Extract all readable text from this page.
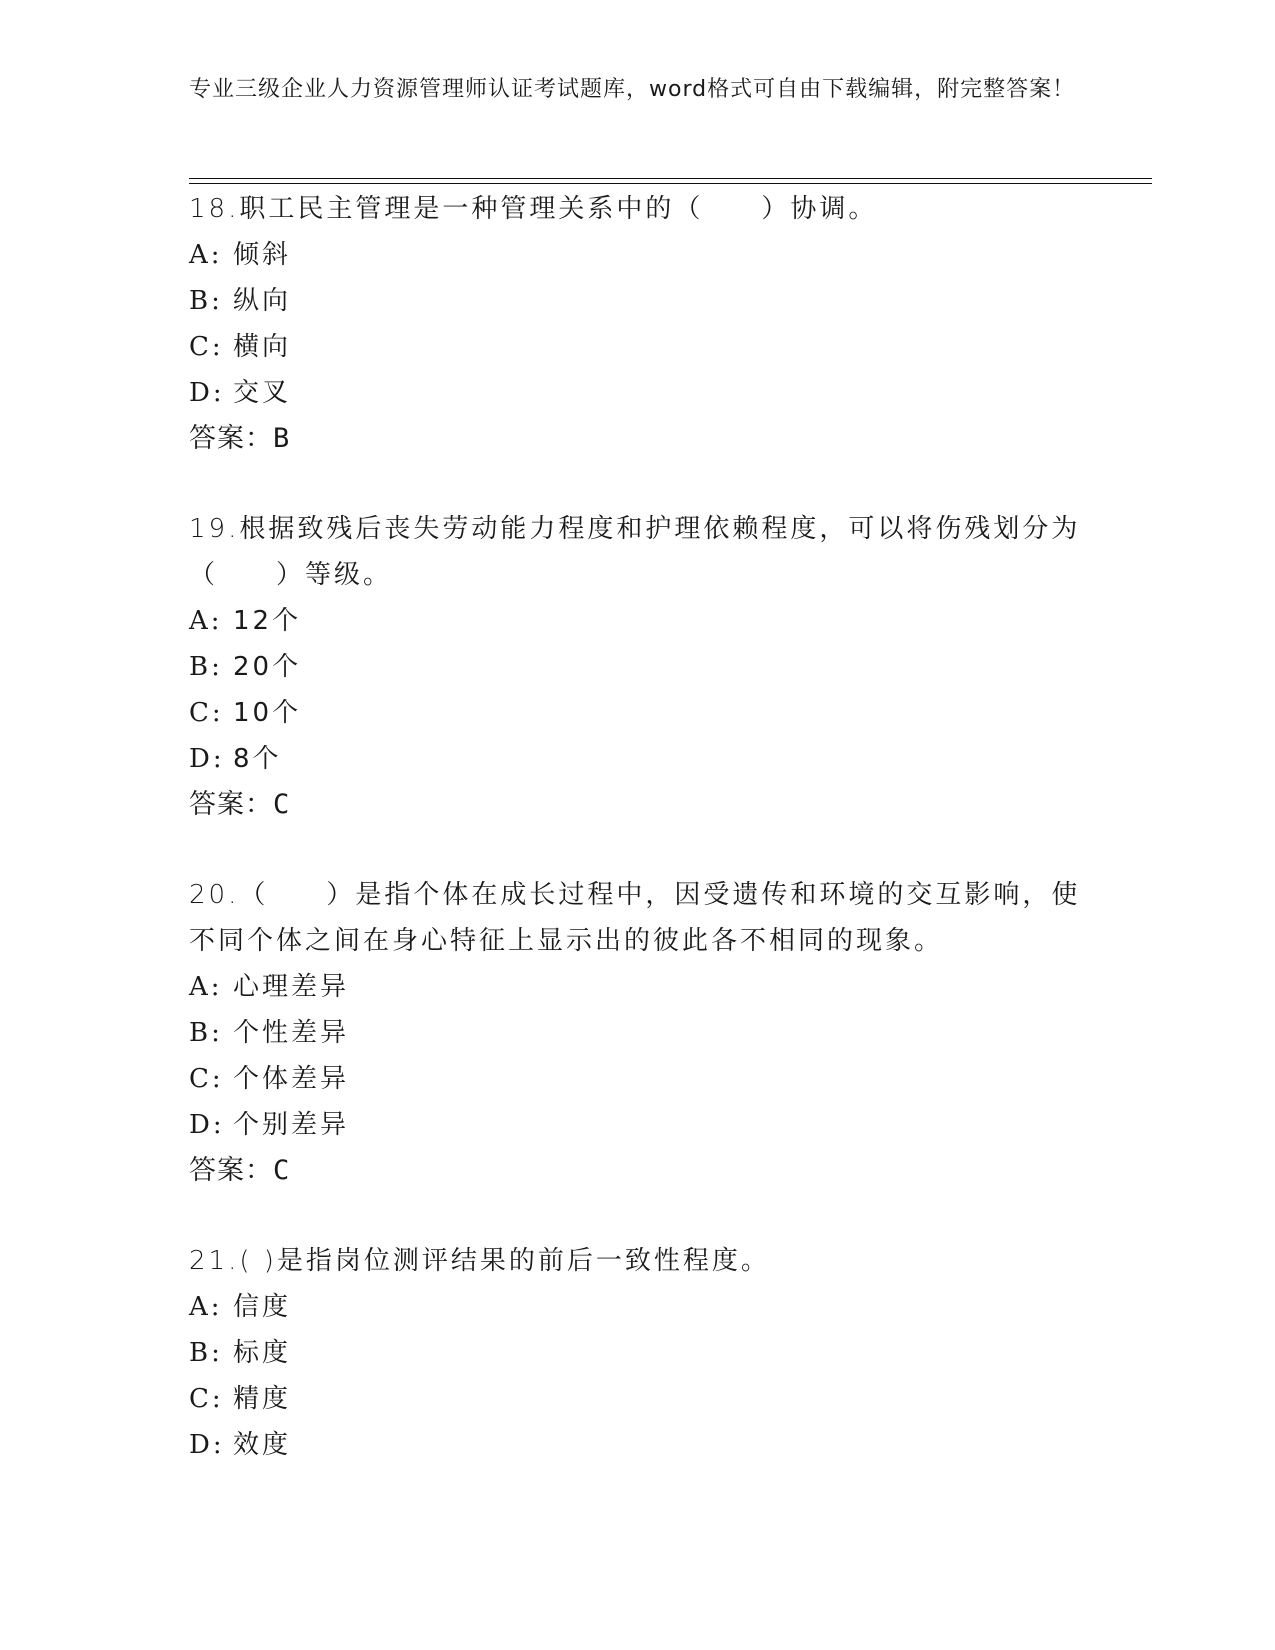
专业三级企业人力资源管理师认证考试题库，word格式可自由下载编辑，附完整答案！
18.职工民主管理是一种管理关系中的（　　）协调。
A: 倾斜
B: 纵向
C: 横向
D: 交叉
答案：B
19.根据致残后丧失劳动能力程度和护理依赖程度，可以将伤残划分为（　　）等级。
A: 12个
B: 20个
C: 10个
D: 8个
答案：C
20.（　　）是指个体在成长过程中，因受遗传和环境的交互影响，使不同个体之间在身心特征上显示出的彼此各不相同的现象。
A: 心理差异
B: 个性差异
C: 个体差异
D: 个别差异
答案：C
21.( )是指岗位测评结果的前后一致性程度。
A: 信度
B: 标度
C: 精度
D: 效度
